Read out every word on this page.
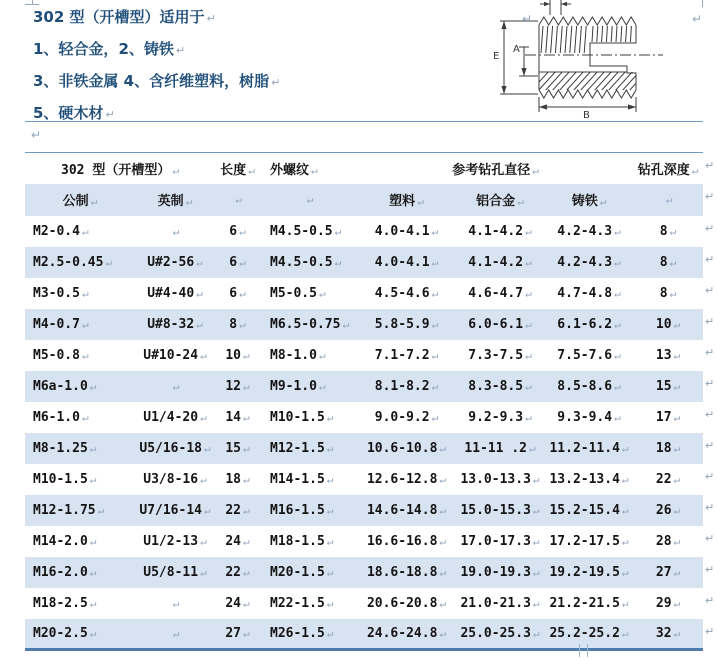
302 型（开槽型）适用于 ↵
1、轻合金，2、铸铁 ↵
3、非铁金属 4、含纤维塑料，树脂 ↵
5、硬木材 ↵
↵	↵
↵
E
A
B
302 型（开槽型） ↵		长度 ↵	外螺纹 ↵	参考钻孔直径 ↵			钻孔深度 ↵
公制 ↵	英制 ↵	↵	↵	塑料 ↵	铝合金 ↵	铸铁 ↵	↵
M2-0.4 ↵	↵	6 ↵	M4.5-0.5 ↵	4.0-4.1 ↵	4.1-4.2 ↵	4.2-4.3 ↵	8 ↵
M2.5-0.45 ↵	U#2-56 ↵	6 ↵	M4.5-0.5 ↵	4.0-4.1 ↵	4.1-4.2 ↵	4.2-4.3 ↵	8 ↵
M3-0.5 ↵	U#4-40 ↵	6 ↵	M5-0.5 ↵	4.5-4.6 ↵	4.6-4.7 ↵	4.7-4.8 ↵	8 ↵
M4-0.7 ↵	U#8-32 ↵	8 ↵	M6.5-0.75 ↵	5.8-5.9 ↵	6.0-6.1 ↵	6.1-6.2 ↵	10 ↵
M5-0.8 ↵	U#10-24 ↵	10 ↵	M8-1.0 ↵	7.1-7.2 ↵	7.3-7.5 ↵	7.5-7.6 ↵	13 ↵
M6a-1.0 ↵	↵	12 ↵	M9-1.0 ↵	8.1-8.2 ↵	8.3-8.5 ↵	8.5-8.6 ↵	15 ↵
M6-1.0 ↵	U1/4-20 ↵	14 ↵	M10-1.5 ↵	9.0-9.2 ↵	9.2-9.3 ↵	9.3-9.4 ↵	17 ↵
M8-1.25 ↵	U5/16-18 ↵	15 ↵	M12-1.5 ↵	10.6-10.8 ↵	11-11 .2 ↵	11.2-11.4 ↵	18 ↵
M10-1.5 ↵	U3/8-16 ↵	18 ↵	M14-1.5 ↵	12.6-12.8 ↵	13.0-13.3 ↵	13.2-13.4 ↵	22 ↵
M12-1.75 ↵	U7/16-14 ↵	22 ↵	M16-1.5 ↵	14.6-14.8 ↵	15.0-15.3 ↵	15.2-15.4 ↵	26 ↵
M14-2.0 ↵	U1/2-13 ↵	24 ↵	M18-1.5 ↵	16.6-16.8 ↵	17.0-17.3 ↵	17.2-17.5 ↵	28 ↵
M16-2.0 ↵	U5/8-11 ↵	22 ↵	M20-1.5 ↵	18.6-18.8 ↵	19.0-19.3 ↵	19.2-19.5 ↵	27 ↵
M18-2.5 ↵	↵	24 ↵	M22-1.5 ↵	20.6-20.8 ↵	21.0-21.3 ↵	21.2-21.5 ↵	29 ↵
M20-2.5 ↵	↵	27 ↵	M26-1.5 ↵	24.6-24.8 ↵	25.0-25.3 ↵	25.2-25.2 ↵	32 ↵
↵
↵
↵
↵
↵
↵
↵
↵
↵
↵
↵
↵
↵
↵
↵
↵
